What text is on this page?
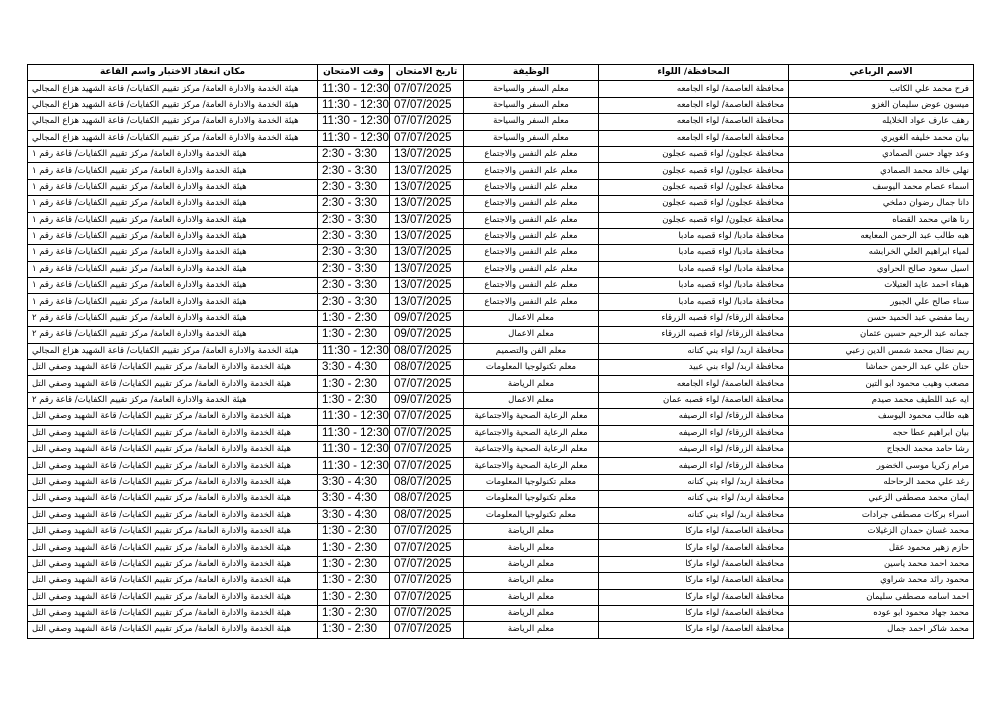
الاسم الرباعي	المحافظة/ اللواء	الوظيفة	تاريخ الامتحان	وقت الامتحان	مكان انعقاد الاختبار واسم القاعة
فرح محمد علي الكاتب	محافظة العاصمة/ لواء الجامعه	معلم السفر والسياحة	07/07/2025	11:30 - 12:30	هيئة الخدمة والادارة العامة/ مركز تقييم الكفايات/ قاعة الشهيد هزاع المجالي
ميسون عوض سليمان الغزو	محافظة العاصمة/ لواء الجامعه	معلم السفر والسياحة	07/07/2025	11:30 - 12:30	هيئة الخدمة والادارة العامة/ مركز تقييم الكفايات/ قاعة الشهيد هزاع المجالي
رهف عارف عواد الخلايله	محافظة العاصمة/ لواء الجامعه	معلم السفر والسياحة	07/07/2025	11:30 - 12:30	هيئة الخدمة والادارة العامة/ مركز تقييم الكفايات/ قاعة الشهيد هزاع المجالي
بيان محمد خليفه الغويري	محافظة العاصمة/ لواء الجامعه	معلم السفر والسياحة	07/07/2025	11:30 - 12:30	هيئة الخدمة والادارة العامة/ مركز تقييم الكفايات/ قاعة الشهيد هزاع المجالي
وعد جهاد حسن الصمادي	محافظة عجلون/ لواء قصبه عجلون	معلم علم النفس والاجتماع	13/07/2025	2:30 - 3:30	هيئة الخدمة والادارة العامة/ مركز تقييم الكفايات/ قاعة رقم ١
نهلى خالد محمد الصمادي	محافظة عجلون/ لواء قصبه عجلون	معلم علم النفس والاجتماع	13/07/2025	2:30 - 3:30	هيئة الخدمة والادارة العامة/ مركز تقييم الكفايات/ قاعة رقم ١
اسماء عصام محمد اليوسف	محافظة عجلون/ لواء قصبه عجلون	معلم علم النفس والاجتماع	13/07/2025	2:30 - 3:30	هيئة الخدمة والادارة العامة/ مركز تقييم الكفايات/ قاعة رقم ١
دانا جمال رضوان دملخي	محافظة عجلون/ لواء قصبه عجلون	معلم علم النفس والاجتماع	13/07/2025	2:30 - 3:30	هيئة الخدمة والادارة العامة/ مركز تقييم الكفايات/ قاعة رقم ١
رنا هاني محمد القضاه	محافظة عجلون/ لواء قصبه عجلون	معلم علم النفس والاجتماع	13/07/2025	2:30 - 3:30	هيئة الخدمة والادارة العامة/ مركز تقييم الكفايات/ قاعة رقم ١
هبه طالب عبد الرحمن المعايعه	محافظة مادبا/ لواء قصبه مادبا	معلم علم النفس والاجتماع	13/07/2025	2:30 - 3:30	هيئة الخدمة والادارة العامة/ مركز تقييم الكفايات/ قاعة رقم ١
لمياء ابراهيم العلي الخرابشه	محافظة مادبا/ لواء قصبه مادبا	معلم علم النفس والاجتماع	13/07/2025	2:30 - 3:30	هيئة الخدمة والادارة العامة/ مركز تقييم الكفايات/ قاعة رقم ١
اسيل سعود صالح الحراوي	محافظة مادبا/ لواء قصبه مادبا	معلم علم النفس والاجتماع	13/07/2025	2:30 - 3:30	هيئة الخدمة والادارة العامة/ مركز تقييم الكفايات/ قاعة رقم ١
هيفاء احمد عايد العتيلات	محافظة مادبا/ لواء قصبه مادبا	معلم علم النفس والاجتماع	13/07/2025	2:30 - 3:30	هيئة الخدمة والادارة العامة/ مركز تقييم الكفايات/ قاعة رقم ١
سناء صالح علي الجبور	محافظة مادبا/ لواء قصبه مادبا	معلم علم النفس والاجتماع	13/07/2025	2:30 - 3:30	هيئة الخدمة والادارة العامة/ مركز تقييم الكفايات/ قاعة رقم ١
ريما مفضي عبد الحميد حسن	محافظة الزرقاء/ لواء قصبه الزرقاء	معلم الاعمال	09/07/2025	1:30 - 2:30	هيئة الخدمة والادارة العامة/ مركز تقييم الكفايات/ قاعة رقم ٢
جمانه عبد الرحيم حسين عثمان	محافظة الزرقاء/ لواء قصبه الزرقاء	معلم الاعمال	09/07/2025	1:30 - 2:30	هيئة الخدمة والادارة العامة/ مركز تقييم الكفايات/ قاعة رقم ٢
ريم نضال محمد شمس الدين زعبي	محافظة اربد/ لواء بني كنانه	معلم الفن والتصميم	08/07/2025	11:30 - 12:30	هيئة الخدمة والادارة العامة/ مركز تقييم الكفايات/ قاعة الشهيد هزاع المجالي
حنان علي عبد الرحمن حماشا	محافظة اربد/ لواء بني عبيد	معلم تكنولوجيا المعلومات	08/07/2025	3:30 - 4:30	هيئة الخدمة والادارة العامة/ مركز تقييم الكفايات/ قاعة الشهيد وصفي التل
مصعب وهيب محمود ابو التين	محافظة العاصمة/ لواء الجامعه	معلم الرياضة	07/07/2025	1:30 - 2:30	هيئة الخدمة والادارة العامة/ مركز تقييم الكفايات/ قاعة الشهيد وصفي التل
ايه عبد اللطيف محمد صيدم	محافظة العاصمة/ لواء قصبه عمان	معلم الاعمال	09/07/2025	1:30 - 2:30	هيئة الخدمة والادارة العامة/ مركز تقييم الكفايات/ قاعة رقم ٢
هبه طالب محمود اليوسف	محافظة الزرقاء/ لواء الرصيفه	معلم الرعاية الصحية والاجتماعية	07/07/2025	11:30 - 12:30	هيئة الخدمة والادارة العامة/ مركز تقييم الكفايات/ قاعة الشهيد وصفي التل
بيان ابراهيم عطا حجه	محافظة الزرقاء/ لواء الرصيفه	معلم الرعاية الصحية والاجتماعية	07/07/2025	11:30 - 12:30	هيئة الخدمة والادارة العامة/ مركز تقييم الكفايات/ قاعة الشهيد وصفي التل
رشا حامد محمد الحجاج	محافظة الزرقاء/ لواء الرصيفه	معلم الرعاية الصحية والاجتماعية	07/07/2025	11:30 - 12:30	هيئة الخدمة والادارة العامة/ مركز تقييم الكفايات/ قاعة الشهيد وصفي التل
مرام زكريا موسى الخضور	محافظة الزرقاء/ لواء الرصيفه	معلم الرعاية الصحية والاجتماعية	07/07/2025	11:30 - 12:30	هيئة الخدمة والادارة العامة/ مركز تقييم الكفايات/ قاعة الشهيد وصفي التل
رغد علي محمد الرحاحله	محافظة اربد/ لواء بني كنانه	معلم تكنولوجيا المعلومات	08/07/2025	3:30 - 4:30	هيئة الخدمة والادارة العامة/ مركز تقييم الكفايات/ قاعة الشهيد وصفي التل
ايمان محمد مصطفى الزعبي	محافظة اربد/ لواء بني كنانه	معلم تكنولوجيا المعلومات	08/07/2025	3:30 - 4:30	هيئة الخدمة والادارة العامة/ مركز تقييم الكفايات/ قاعة الشهيد وصفي التل
اسراء بركات مصطفى جرادات	محافظة اربد/ لواء بني كنانه	معلم تكنولوجيا المعلومات	08/07/2025	3:30 - 4:30	هيئة الخدمة والادارة العامة/ مركز تقييم الكفايات/ قاعة الشهيد وصفي التل
محمد غسان حمدان الزغيلات	محافظة العاصمة/ لواء ماركا	معلم الرياضة	07/07/2025	1:30 - 2:30	هيئة الخدمة والادارة العامة/ مركز تقييم الكفايات/ قاعة الشهيد وصفي التل
حازم زهير محمود عقل	محافظة العاصمة/ لواء ماركا	معلم الرياضة	07/07/2025	1:30 - 2:30	هيئة الخدمة والادارة العامة/ مركز تقييم الكفايات/ قاعة الشهيد وصفي التل
محمد احمد محمد ياسين	محافظة العاصمة/ لواء ماركا	معلم الرياضة	07/07/2025	1:30 - 2:30	هيئة الخدمة والادارة العامة/ مركز تقييم الكفايات/ قاعة الشهيد وصفي التل
محمود رائد محمد شراوي	محافظة العاصمة/ لواء ماركا	معلم الرياضة	07/07/2025	1:30 - 2:30	هيئة الخدمة والادارة العامة/ مركز تقييم الكفايات/ قاعة الشهيد وصفي التل
احمد اسامه مصطفى سليمان	محافظة العاصمة/ لواء ماركا	معلم الرياضة	07/07/2025	1:30 - 2:30	هيئة الخدمة والادارة العامة/ مركز تقييم الكفايات/ قاعة الشهيد وصفي التل
محمد جهاد محمود ابو عوده	محافظة العاصمة/ لواء ماركا	معلم الرياضة	07/07/2025	1:30 - 2:30	هيئة الخدمة والادارة العامة/ مركز تقييم الكفايات/ قاعة الشهيد وصفي التل
محمد شاكر احمد جمال	محافظة العاصمة/ لواء ماركا	معلم الرياضة	07/07/2025	1:30 - 2:30	هيئة الخدمة والادارة العامة/ مركز تقييم الكفايات/ قاعة الشهيد وصفي التل
